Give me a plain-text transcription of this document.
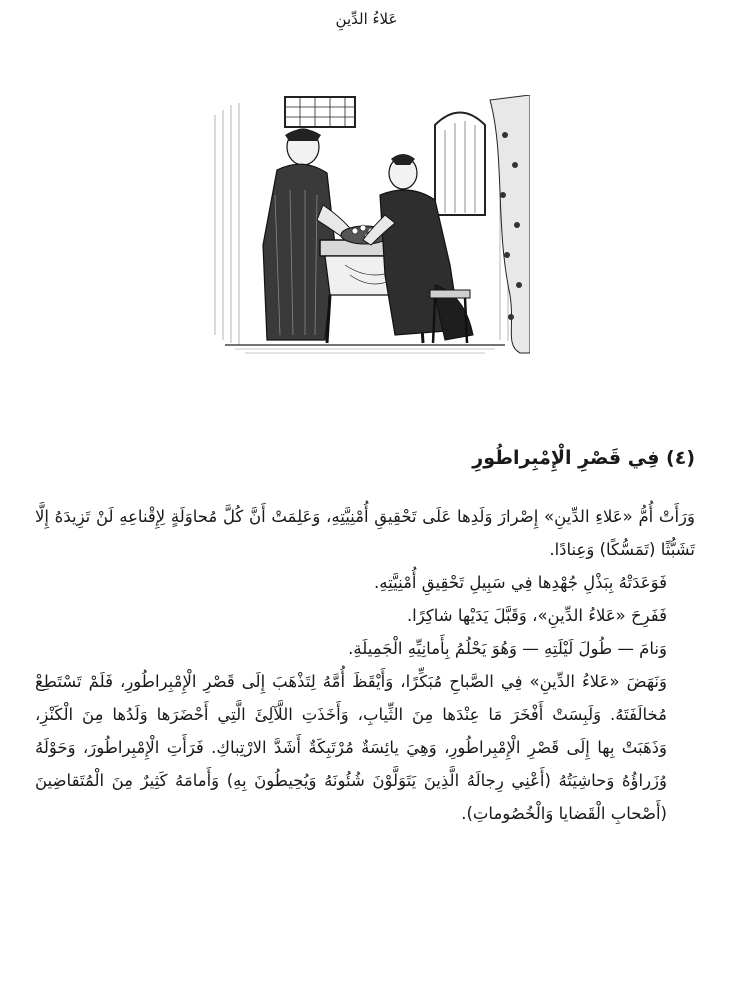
عَلاءُ الدِّينِ
(٤) فِي قَصْرِ الْإِمْبِراطُورِ

وَرَأَتْ أُمُّ «عَلاءِ الدِّينِ» إِصْرارَ وَلَدِها عَلَى تَحْقِيقِ أُمْنِيَّتِهِ، وَعَلِمَتْ أَنَّ كُلَّ مُحاوَلَةٍ لِإِقْناعِهِ لَنْ تَزِيدَهُ إِلَّا تَشَبُّثًا (تَمَسُّكًا) وَعِنادًا.

فَوَعَدَتْهُ بِبَذْلِ جُهْدِها فِي سَبِيلِ تَحْقِيقِ أُمْنِيَّتِهِ.

فَفَرِحَ «عَلاءُ الدِّينِ»، وَقَبَّلَ يَدَيْها شاكِرًا.

وَنامَ — طُولَ لَيْلَتِهِ — وَهُوَ يَحْلُمُ بِأَمانِيِّهِ الْجَمِيلَةِ.

وَنَهَضَ «عَلاءُ الدِّينِ» فِي الصَّباحِ مُبَكِّرًا، وَأَيْقَظَ أُمَّهُ لِتَذْهَبَ إِلَى قَصْرِ الْإِمْبِراطُورِ، فَلَمْ تَسْتَطِعْ مُخالَفَتَهُ. وَلَبِسَتْ أَفْخَرَ مَا عِنْدَها مِنَ الثِّيابِ، وَأَخَذَتِ اللَّآلِئَ الَّتِي أَحْضَرَها وَلَدُها مِنَ الْكَنْزِ، وَذَهَبَتْ بِها إِلَى قَصْرِ الْإِمْبِراطُورِ، وَهِيَ يائِسَةٌ مُرْتَبِكَةٌ أَشَدَّ الارْتِباكِ. فَرَأَتِ الْإِمْبِراطُورَ، وَحَوْلَهُ وُزَراؤُهُ وَحاشِيَتُهُ (أَعْنِي رِجالَهُ الَّذِينَ يَتَوَلَّوْنَ شُئُونَهُ وَيُحِيطُونَ بِهِ) وَأَمامَهُ كَثِيرٌ مِنَ الْمُتَقاضِينَ (أَصْحابِ الْقَضايا وَالْخُصُوماتِ).
